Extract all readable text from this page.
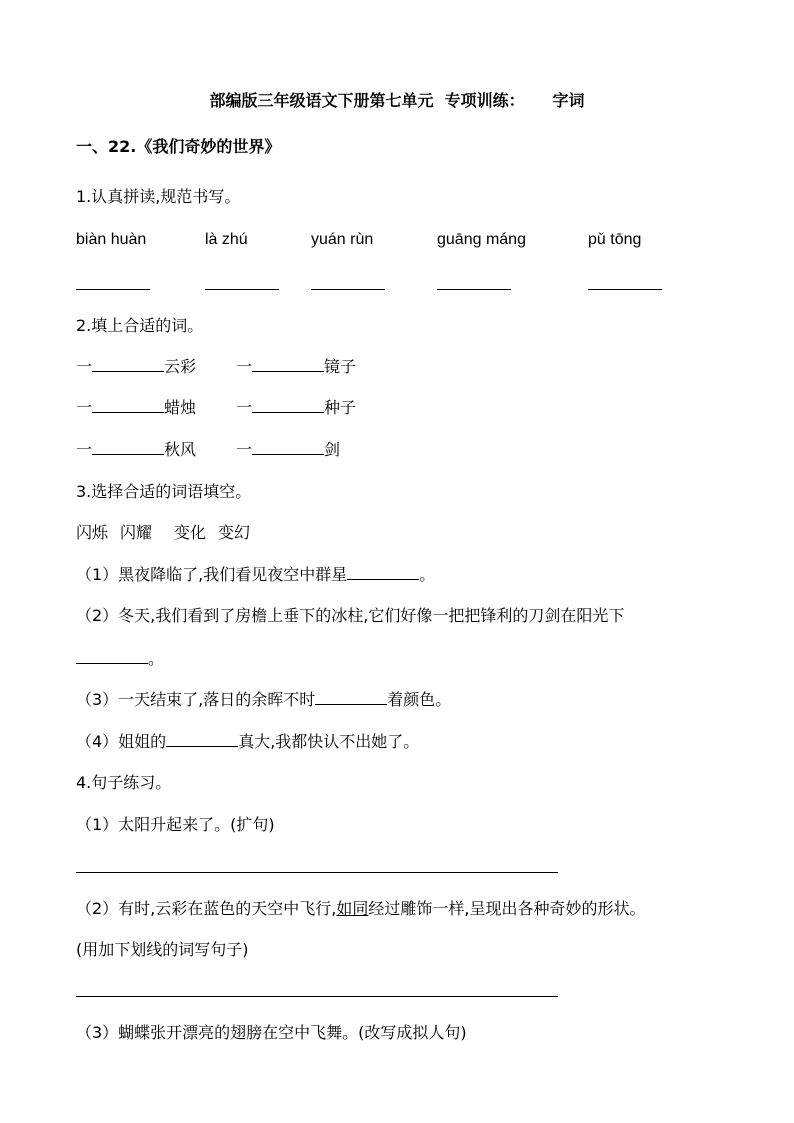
部编版三年级语文下册第七单元  专项训练：     字词
一、22.《我们奇妙的世界》
1.认真拼读,规范书写。
biàn huàn	là zhú	yuán rùn	guāng máng	pǔ tōng
2.填上合适的词。
一	云彩 一	镜子
一	蜡烛 一	种子
一	秋风 一	剑
3.选择合适的词语填空。
闪烁 闪耀 变化 变幻
（1）黑夜降临了,我们看见夜空中群星	。
（2）冬天,我们看到了房檐上垂下的冰柱,它们好像一把把锋利的刀剑在阳光下
。
（3）一天结束了,落日的余晖不时	着颜色。
（4）姐姐的	真大,我都快认不出她了。
4.句子练习。
（1）太阳升起来了。(扩句)
（2）有时,云彩在蓝色的天空中飞行,如同经过雕饰一样,呈现出各种奇妙的形状。
(用加下划线的词写句子)
（3）蝴蝶张开漂亮的翅膀在空中飞舞。(改写成拟人句)
